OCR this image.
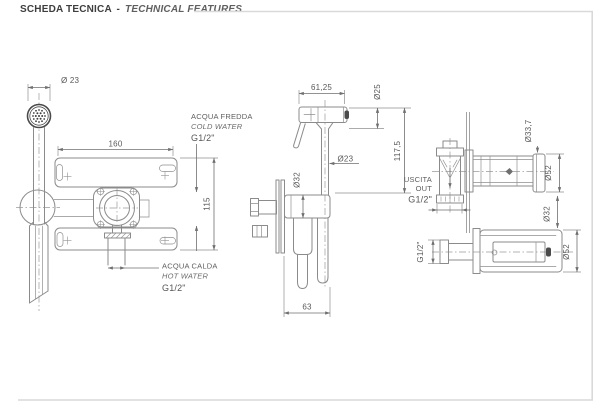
SCHEDA TECNICA - TECHNICAL FEATURES
Ø 23
160
115
ACQUA FREDDA
COLD WATER
G1/2"
ACQUA CALDA
HOT WATER
G1/2"
61,25	Ø25
117,5
Ø23
Ø32
63
Ø33,7
Ø52
USCITA
OUT
G1/2"
G1/2"
Ø32
Ø52
